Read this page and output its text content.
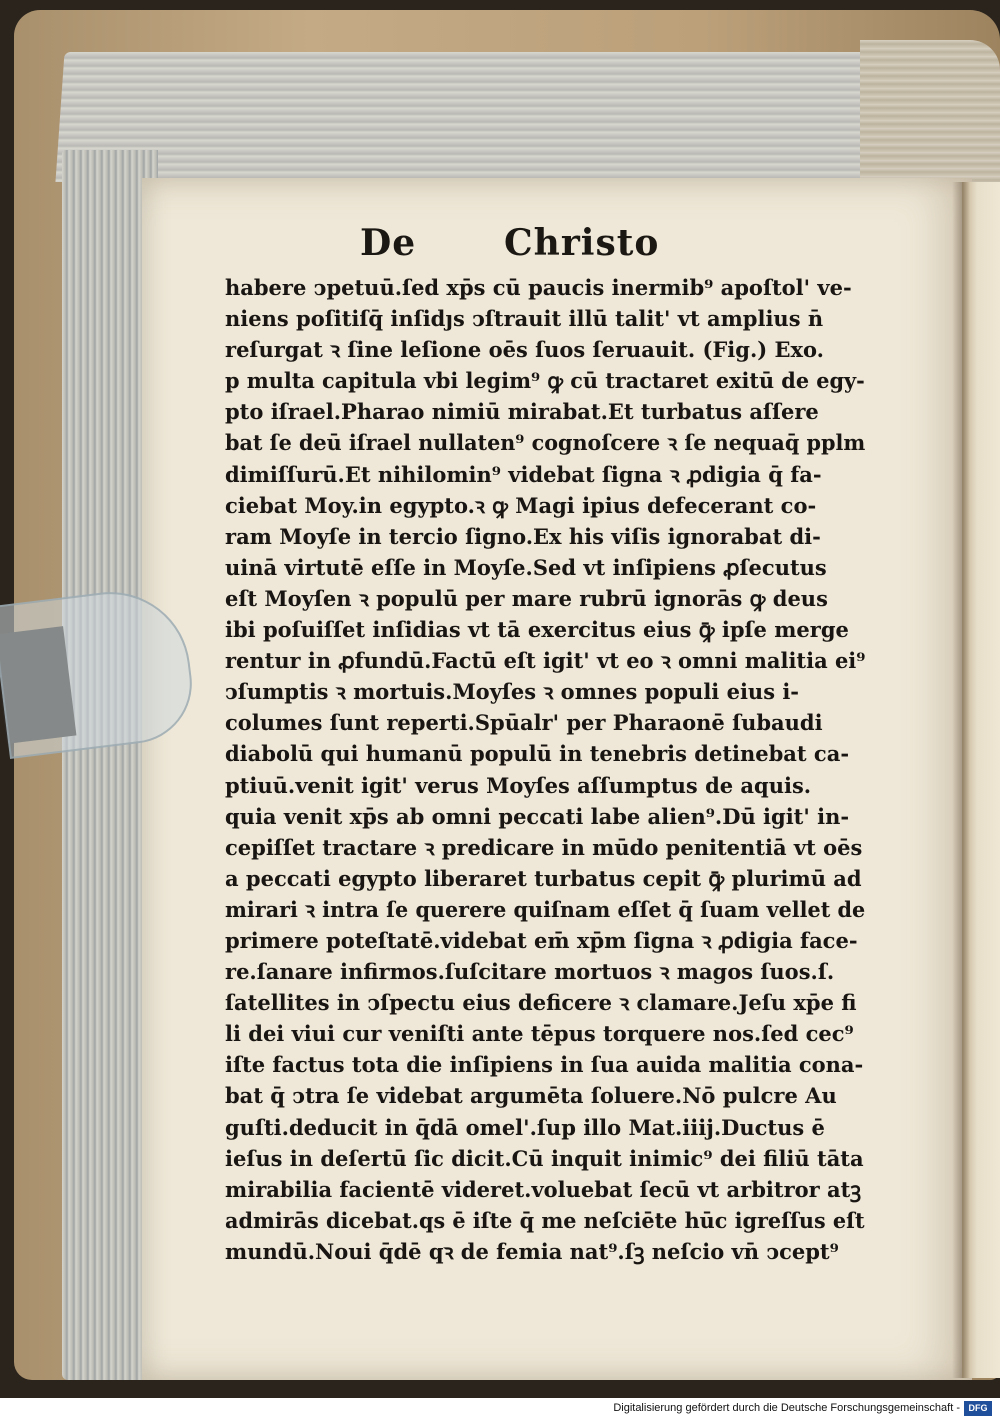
De Christo
habere ↄpetuū.ſed xp̄s cū paucis inermib⁹ apoſtol' ve-
niens poſitiſq̄ inſidȷs ↄſtrauit illū talit' vt amplius n̄
reſurgat ꝛ ſine leſione oēs ſuos ſeruauit. (Fig.) Exo.
p multa capitula vbi legim⁹ ꝙ cū tractaret exitū de egy-
pto iſrael.Pharao nimiū mirabat.Et turbatus aſſere
bat ſe deū iſrael nullaten⁹ cognoſcere ꝛ ſe nequaq̄ pplm
dimiſſurū.Et nihilomin⁹ videbat ſigna ꝛ ꝓdigia q̄ fa-
ciebat Moy.in egypto.ꝛ ꝙ Magi ipius defecerant co-
ram Moyſe in tercio ſigno.Ex his viſis ignorabat di-
uinā virtutē eſſe in Moyſe.Sed vt inſipiens ꝓſecutus
eſt Moyſen ꝛ populū per mare rubrū ignorās ꝙ deus
ibi poſuiſſet inſidias vt tā exercitus eius ꝙ̄ ipſe merge
rentur in ꝓfundū.Factū eſt igit' vt eo ꝛ omni malitia ei⁹
ↄſumptis ꝛ mortuis.Moyſes ꝛ omnes populi eius i-
columes ſunt reperti.Spūalr' per Pharaonē ſubaudi
diabolū qui humanū populū in tenebris detinebat ca-
ptiuū.venit igit' verus Moyſes aſſumptus de aquis.
quia venit xp̄s ab omni peccati labe alien⁹.Dū igit' in-
cepiſſet tractare ꝛ predicare in mūdo penitentiā vt oēs
a peccati egypto liberaret turbatus cepit ꝙ̄ plurimū ad
mirari ꝛ intra ſe querere quiſnam eſſet q̄ ſuam vellet de
primere poteſtatē.videbat em̄ xp̄m ſigna ꝛ ꝓdigia face-
re.ſanare infirmos.ſuſcitare mortuos ꝛ magos ſuos.ſ.
ſatellites in ↄſpectu eius deficere ꝛ clamare.Jeſu xp̄e fi
li dei viui cur veniſti ante tēpus torquere nos.ſed cec⁹
iſte factus tota die inſipiens in ſua auida malitia cona-
bat q̄ ↄtra ſe videbat argumēta ſoluere.Nō pulcre Au
guſti.deducit in q̄dā omel'.ſup illo Mat.iiij.Ductus ē
ieſus in deſertū ſic dicit.Cū inquit inimic⁹ dei filiū tāta
mirabilia facientē videret.voluebat ſecū vt arbitror atꝫ
admirās dicebat.qs ē iſte q̄ me neſciēte hūc igreſſus eſt
mundū.Noui q̄dē qꝛ de femia nat⁹.ſꝫ neſcio vn̄ ↄcept⁹
Digitalisierung gefördert durch die Deutsche Forschungsgemeinschaft - DFG
